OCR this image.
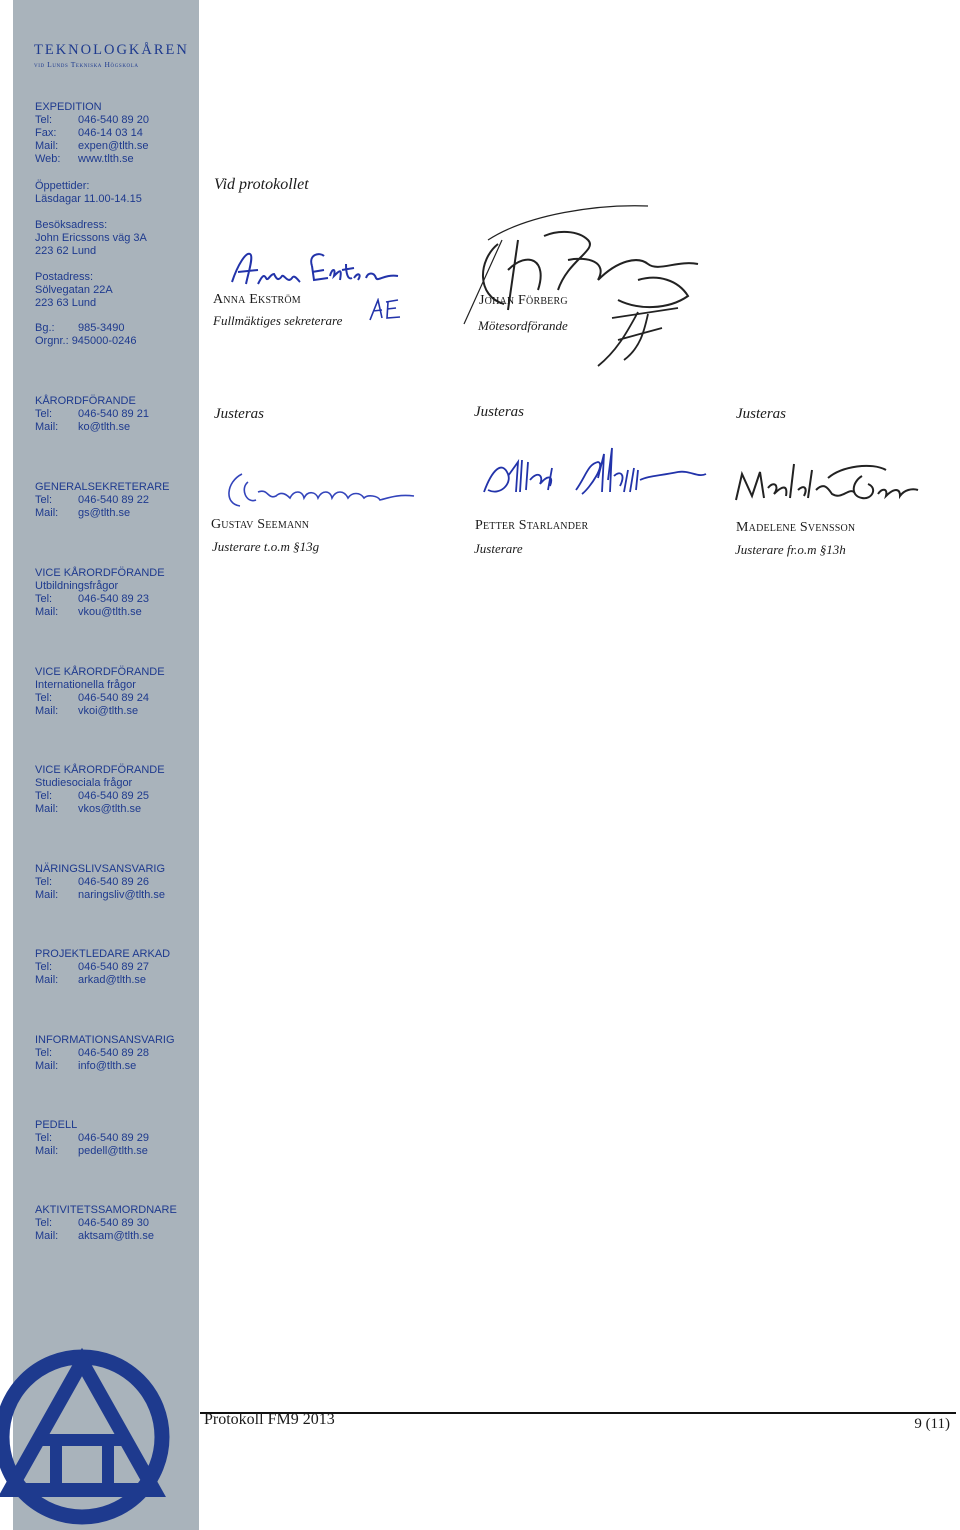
TEKNOLOGKÅREN
vid Lunds Tekniska Högskola
EXPEDITION
Tel: 046-540 89 20
Fax: 046-14 03 14
Mail: expen@tlth.se
Web: www.tlth.se
Öppettider:
Läsdagar 11.00-14.15
Besöksadress:
John Ericssons väg 3A
223 62 Lund
Postadress:
Sölvegatan 22A
223 63 Lund
Bg.: 985-3490
Orgnr.: 945000-0246
KÅRORDFÖRANDE
Tel: 046-540 89 21
Mail: ko@tlth.se
GENERALSEKRETERARE
Tel: 046-540 89 22
Mail: gs@tlth.se
VICE KÅRORDFÖRANDE
Utbildningsfrågor
Tel: 046-540 89 23
Mail: vkou@tlth.se
VICE KÅRORDFÖRANDE
Internationella frågor
Tel: 046-540 89 24
Mail: vkoi@tlth.se
VICE KÅRORDFÖRANDE
Studiesociala frågor
Tel: 046-540 89 25
Mail: vkos@tlth.se
NÄRINGSLIVSANSVARIG
Tel: 046-540 89 26
Mail: naringsliv@tlth.se
PROJEKTLEDARE ARKAD
Tel: 046-540 89 27
Mail: arkad@tlth.se
INFORMATIONSANSVARIG
Tel: 046-540 89 28
Mail: info@tlth.se
PEDELL
Tel: 046-540 89 29
Mail: pedell@tlth.se
AKTIVITETSSAMORDNARE
Tel: 046-540 89 30
Mail: aktsam@tlth.se
Vid protokollet
Anna Ekström
Fullmäktiges sekreterare
Johan Förberg
Mötesordförande
Justeras	Justeras	Justeras
Gustav Seemann
Justerare t.o.m §13g
Petter Starlander
Justerare
Madelene Svensson
Justerare fr.o.m §13h
Protokoll FM9 2013	9 (11)
